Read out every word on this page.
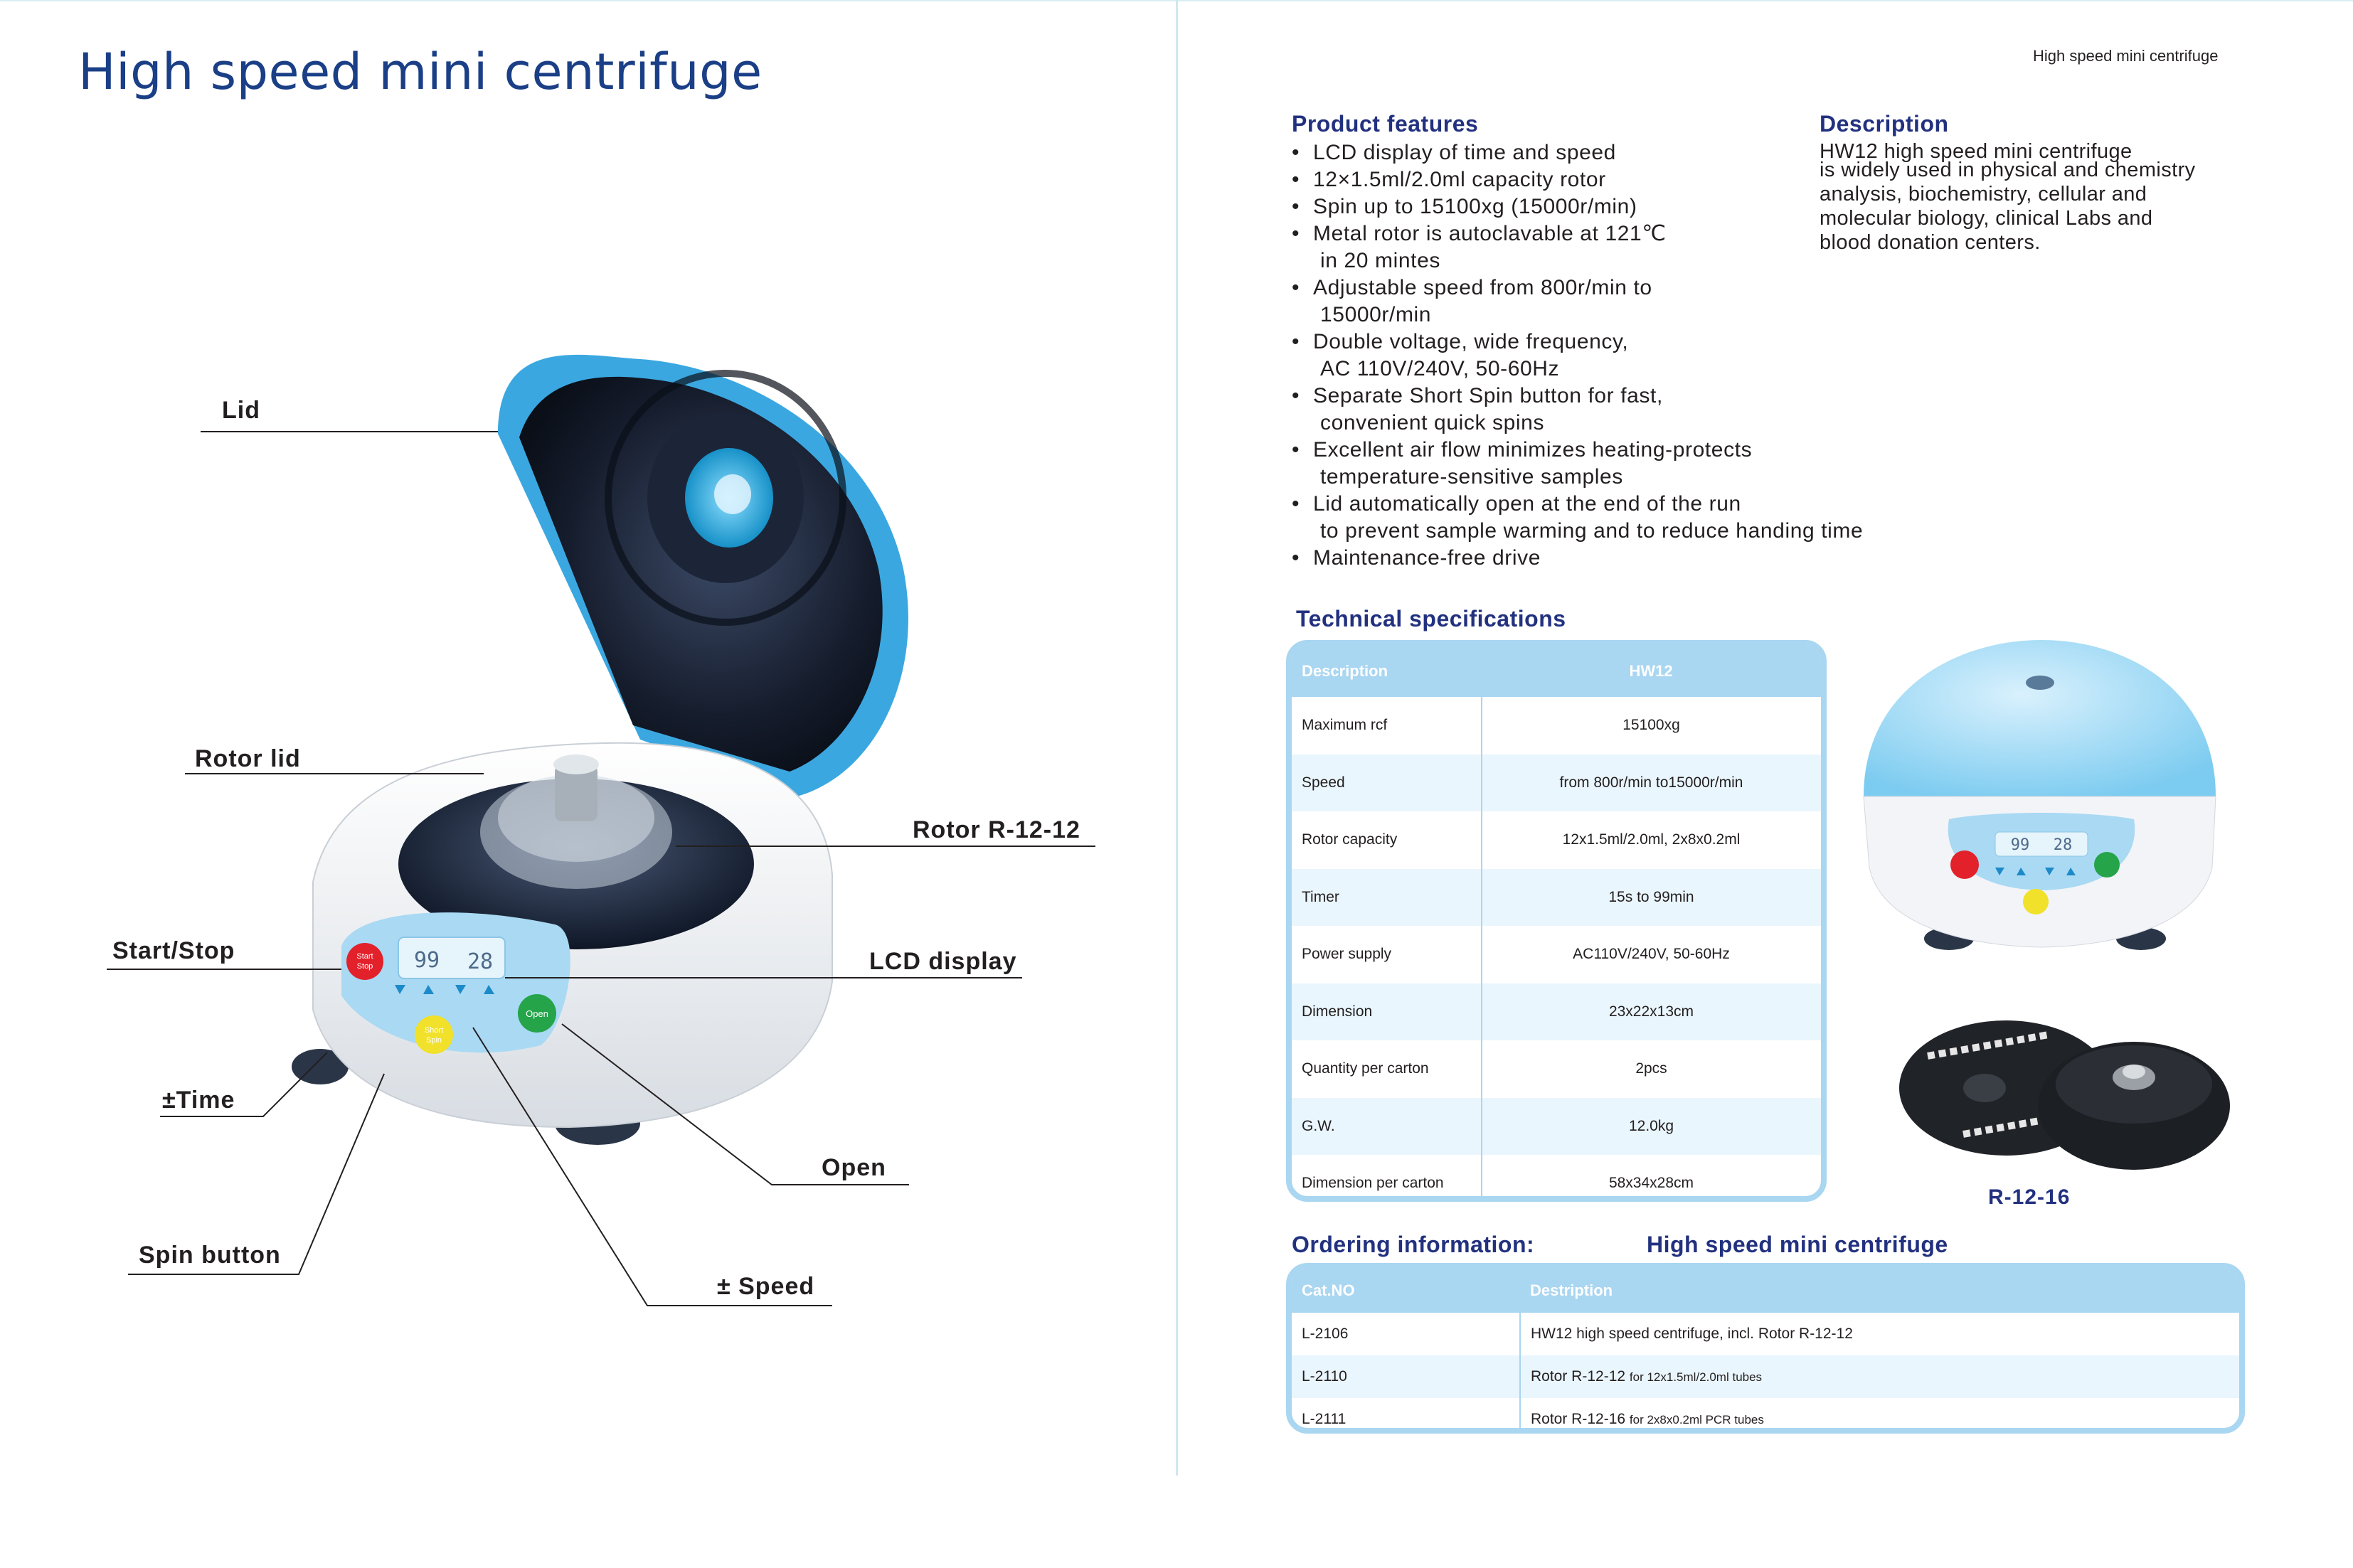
High speed mini centrifuge
Start
Stop 99 28
Open
Short
Spin
Lid
Rotor lid
Rotor R-12-12
Start/Stop	LCD display
±Time
Open
Spin button
± Speed
High speed mini centrifuge
Product features
• LCD display of time and speed
• 12×1.5ml/2.0ml capacity rotor
• Spin up to 15100xg (15000r/min)
• Metal rotor is autoclavable at 121℃
in 20 mintes
• Adjustable speed from 800r/min to
15000r/min
• Double voltage, wide frequency,
AC 110V/240V, 50-60Hz
• Separate Short Spin button for fast,
convenient quick spins
• Excellent air flow minimizes heating-protects
temperature-sensitive samples
• Lid automatically open at the end of the run
to prevent sample warming and to reduce handing time
• Maintenance-free drive
Description
HW12 high speed mini centrifuge
is widely used in physical and chemistry
analysis, biochemistry, cellular and
molecular biology, clinical Labs and
blood donation centers.
Technical specifications
Description	HW12
Maximum rcf	15100xg
Speed	from 800r/min to15000r/min
Rotor capacity	12x1.5ml/2.0ml, 2x8x0.2ml
Timer	15s to 99min
Power supply	AC110V/240V, 50-60Hz
Dimension	23x22x13cm
Quantity per carton	2pcs
G.W.	12.0kg
Dimension per carton	58x34x28cm
99 28
R-12-16
Ordering information:	High speed mini centrifuge
Cat.NO	Destription
L-2106	HW12 high speed centrifuge, incl. Rotor R-12-12
L-2110	Rotor R-12-12 for 12x1.5ml/2.0ml tubes
L-2111	Rotor R-12-16 for 2x8x0.2ml PCR tubes
